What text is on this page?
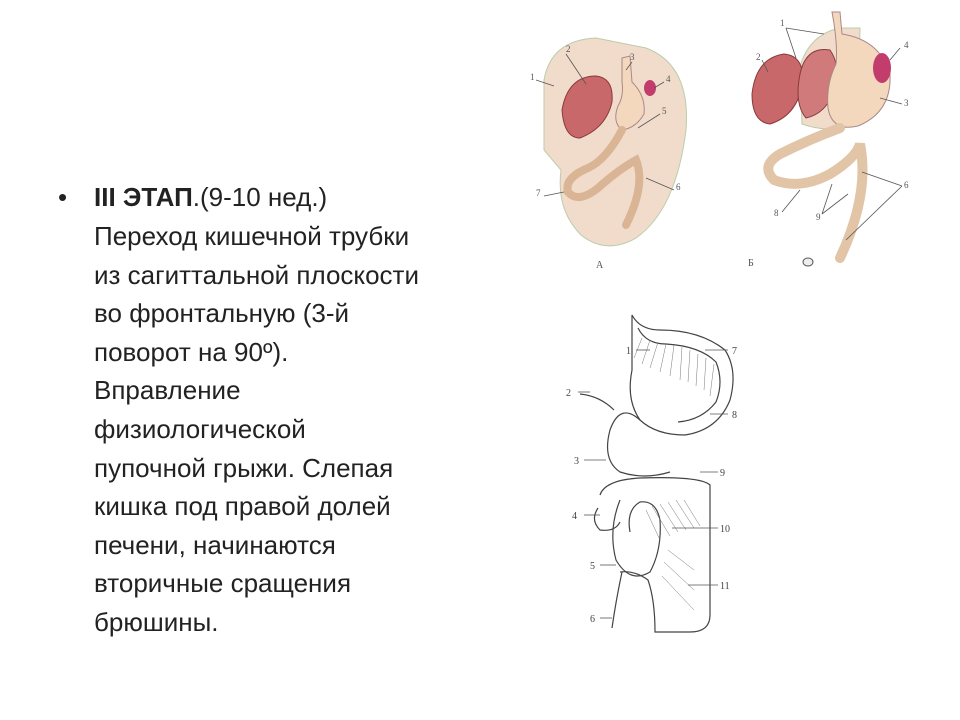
• III ЭТАП.(9-10 нед.)
Переход кишечной трубки
из сагиттальной плоскости
во фронтальную (3-й
поворот на 90º).
Вправление
физиологической
пупочной грыжи. Слепая
кишка под правой долей
печени, начинаются
вторичные сращения
брюшины.
1
2
3
4
5
6
7
А
1
2
3
4
6
8	9
Б
1
2
3
4
5
6
7
8
9
10
11
